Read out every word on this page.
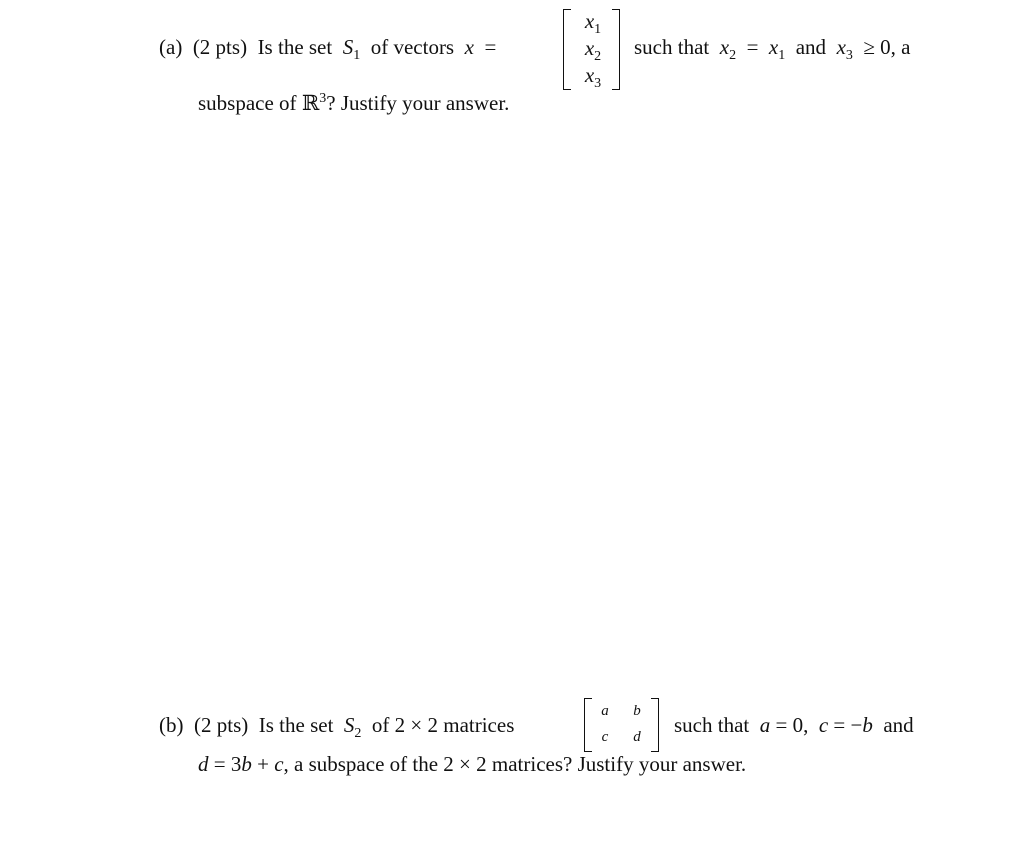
(a) (2 pts) Is the set $S_1$ of vectors x =
$x_1$
$x_2$
$x_3$
such that $x_2 = x_1$ and $x_3 \ge 0$, a
subspace of ℝ$^3$? Justify your answer.
(b) (2 pts) Is the set $S_2$ of 2 × 2 matrices
a b
c	d such that a = 0, c = −b and
d = 3b + c, a subspace of the 2 × 2 matrices? Justify your answer.
